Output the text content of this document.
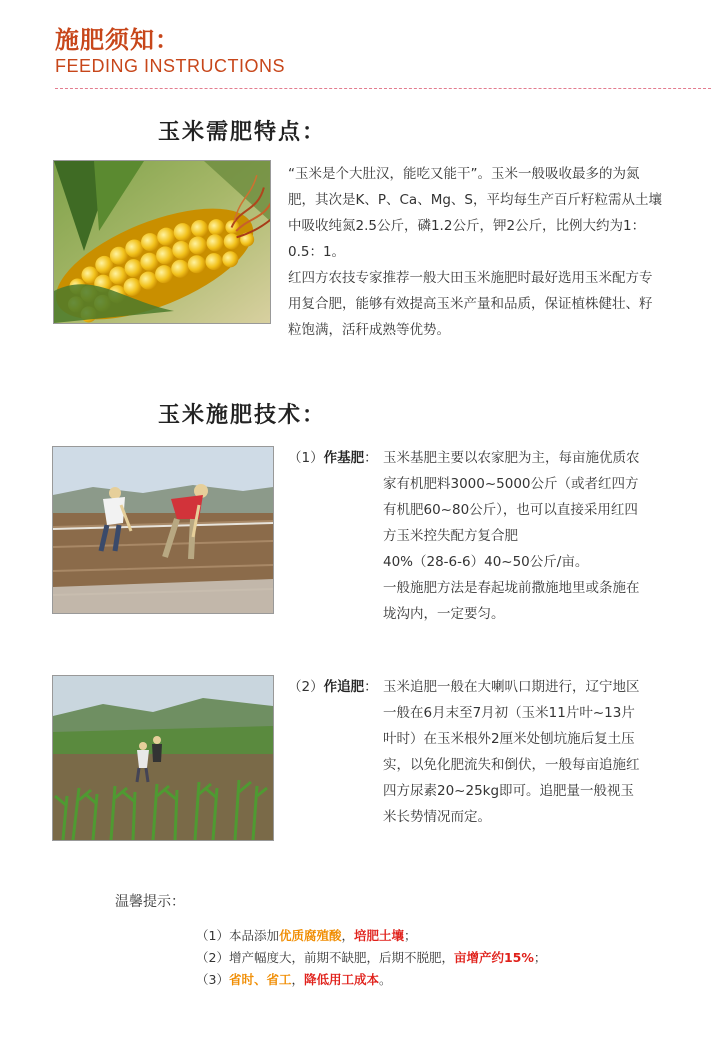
施肥须知：
FEEDING INSTRUCTIONS
玉米需肥特点：

“玉米是个大肚汉，能吃又能干”。玉米一般吸收最多的为氮肥，其次是K、P、Ca、Mg、S，平均每生产百斤籽粒需从土壤中吸收纯氮2.5公斤，磷1.2公斤，钾2公斤，比例大约为1：0.5：1。

红四方农技专家推荐一般大田玉米施肥时最好选用玉米配方专用复合肥，能够有效提高玉米产量和品质，保证植株健壮、籽粒饱满，活秆成熟等优势。

玉米施肥技术：
（1）作基肥： 玉米基肥主要以农家肥为主，每亩施优质农

家有机肥料3000~5000公斤（或者红四方

有机肥60~80公斤），也可以直接采用红四

方玉米控失配方复合肥

40%（28-6-6）40~50公斤/亩。

一般施肥方法是春起垅前撒施地里或条施在

垅沟内，一定要匀。

（2）作追肥： 玉米追肥一般在大喇叭口期进行，辽宁地区

一般在6月末至7月初（玉米11片叶~13片

叶时）在玉米根外2厘米处刨坑施后复土压

实，以免化肥流失和倒伏，一般每亩追施红

四方尿素20~25kg即可。追肥量一般视玉

米长势情况而定。

温馨提示：
（1）本品添加优质腐殖酸，培肥土壤；
（2）增产幅度大，前期不缺肥，后期不脱肥，亩增产约15%；
（3）省时、省工，降低用工成本。
